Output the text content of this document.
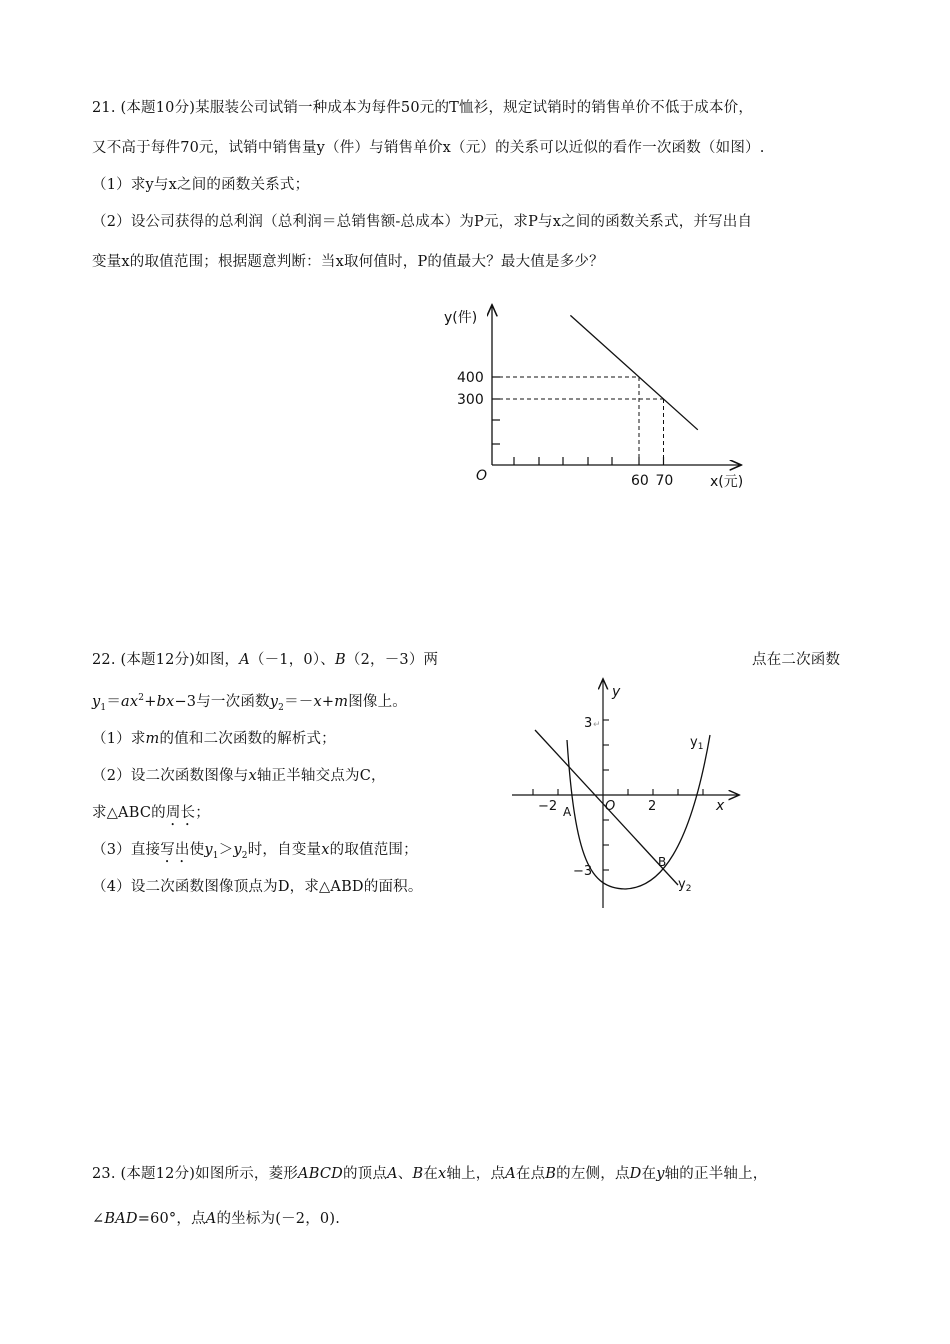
21. (本题10分)某服装公司试销一种成本为每件50元的T恤衫，规定试销时的销售单价不低于成本价，
又不高于每件70元，试销中销售量y（件）与销售单价x（元）的关系可以近似的看作一次函数（如图）.
（1）求y与x之间的函数关系式；
（2）设公司获得的总利润（总利润＝总销售额-总成本）为P元，求P与x之间的函数关系式，并写出自
变量x的取值范围；根据题意判断：当x取何值时，P的值最大？最大值是多少？
400
60
300
70
y(件)
O	x(元)
22. (本题12分)如图，A（－1，0）、B（2，－3）两	点在二次函数
$y_1=ax^2+bx-3$与一次函数$y_2=-x+m$图像上。
（1）求m的值和二次函数的解析式；
（2）设二次函数图像与x轴正半轴交点为C，
求△ABC的周长；
（3）直接写出使$y_1>y_2$时，自变量x的取值范围；
（4）设二次函数图像顶点为D，求△ABD的面积。
y
x
O
3 ↵
−3
−2	2
A
B
$y_1$
$y_2$
23. (本题12分)如图所示，菱形ABCD的顶点A、B在x轴上，点A在点B的左侧，点D在y轴的正半轴上，
∠BAD=60°，点A的坐标为(－2，0).
